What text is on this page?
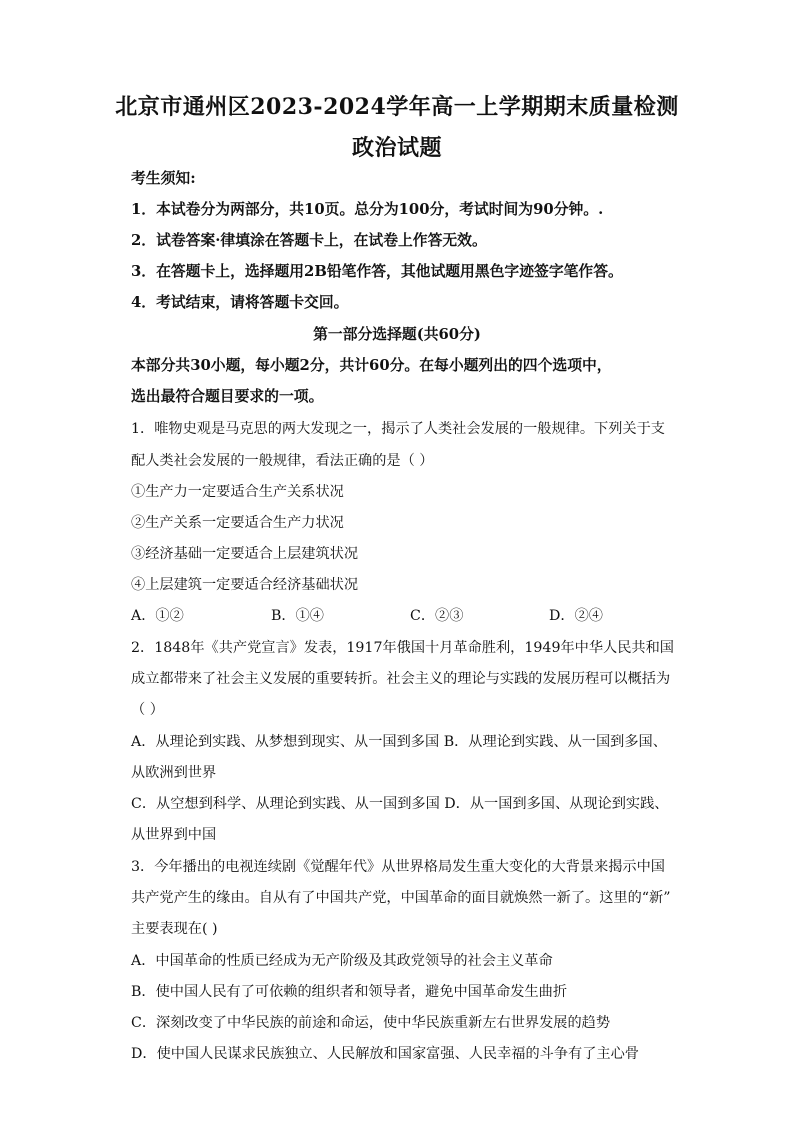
北京市通州区2023-2024学年高一上学期期末质量检测
政治试题
考生须知:
1．本试卷分为两部分，共10页。总分为100分，考试时间为90分钟。.
2．试卷答案·律填涂在答题卡上，在试卷上作答无效。
3．在答题卡上，选择题用2B铅笔作答，其他试题用黑色字迹签字笔作答。
4．考试结束，请将答题卡交回。
第一部分选择题(共60分)
本部分共30小题，每小题2分，共计60分。在每小题列出的四个选项中，
选出最符合题目要求的一项。
1．唯物史观是马克思的两大发现之一，揭示了人类社会发展的一般规律。下列关于支
配人类社会发展的一般规律，看法正确的是（ ）
①生产力一定要适合生产关系状况
②生产关系一定要适合生产力状况
③经济基础一定要适合上层建筑状况
④上层建筑一定要适合经济基础状况
A．①②	B．①④	C．②③	D．②④
2．1848年《共产党宣言》发表，1917年俄国十月革命胜利，1949年中华人民共和国
成立都带来了社会主义发展的重要转折。社会主义的理论与实践的发展历程可以概括为
（ ）
A．从理论到实践、从梦想到现实、从一国到多国 B．从理论到实践、从一国到多国、
从欧洲到世界
C．从空想到科学、从理论到实践、从一国到多国 D．从一国到多国、从现论到实践、
从世界到中国
3．今年播出的电视连续剧《觉醒年代》从世界格局发生重大变化的大背景来揭示中国
共产党产生的缘由。自从有了中国共产党，中国革命的面目就焕然一新了。这里的“新”
主要表现在( )
A．中国革命的性质已经成为无产阶级及其政党领导的社会主义革命
B．使中国人民有了可依赖的组织者和领导者，避免中国革命发生曲折
C．深刻改变了中华民族的前途和命运，使中华民族重新左右世界发展的趋势
D．使中国人民谋求民族独立、人民解放和国家富强、人民幸福的斗争有了主心骨
